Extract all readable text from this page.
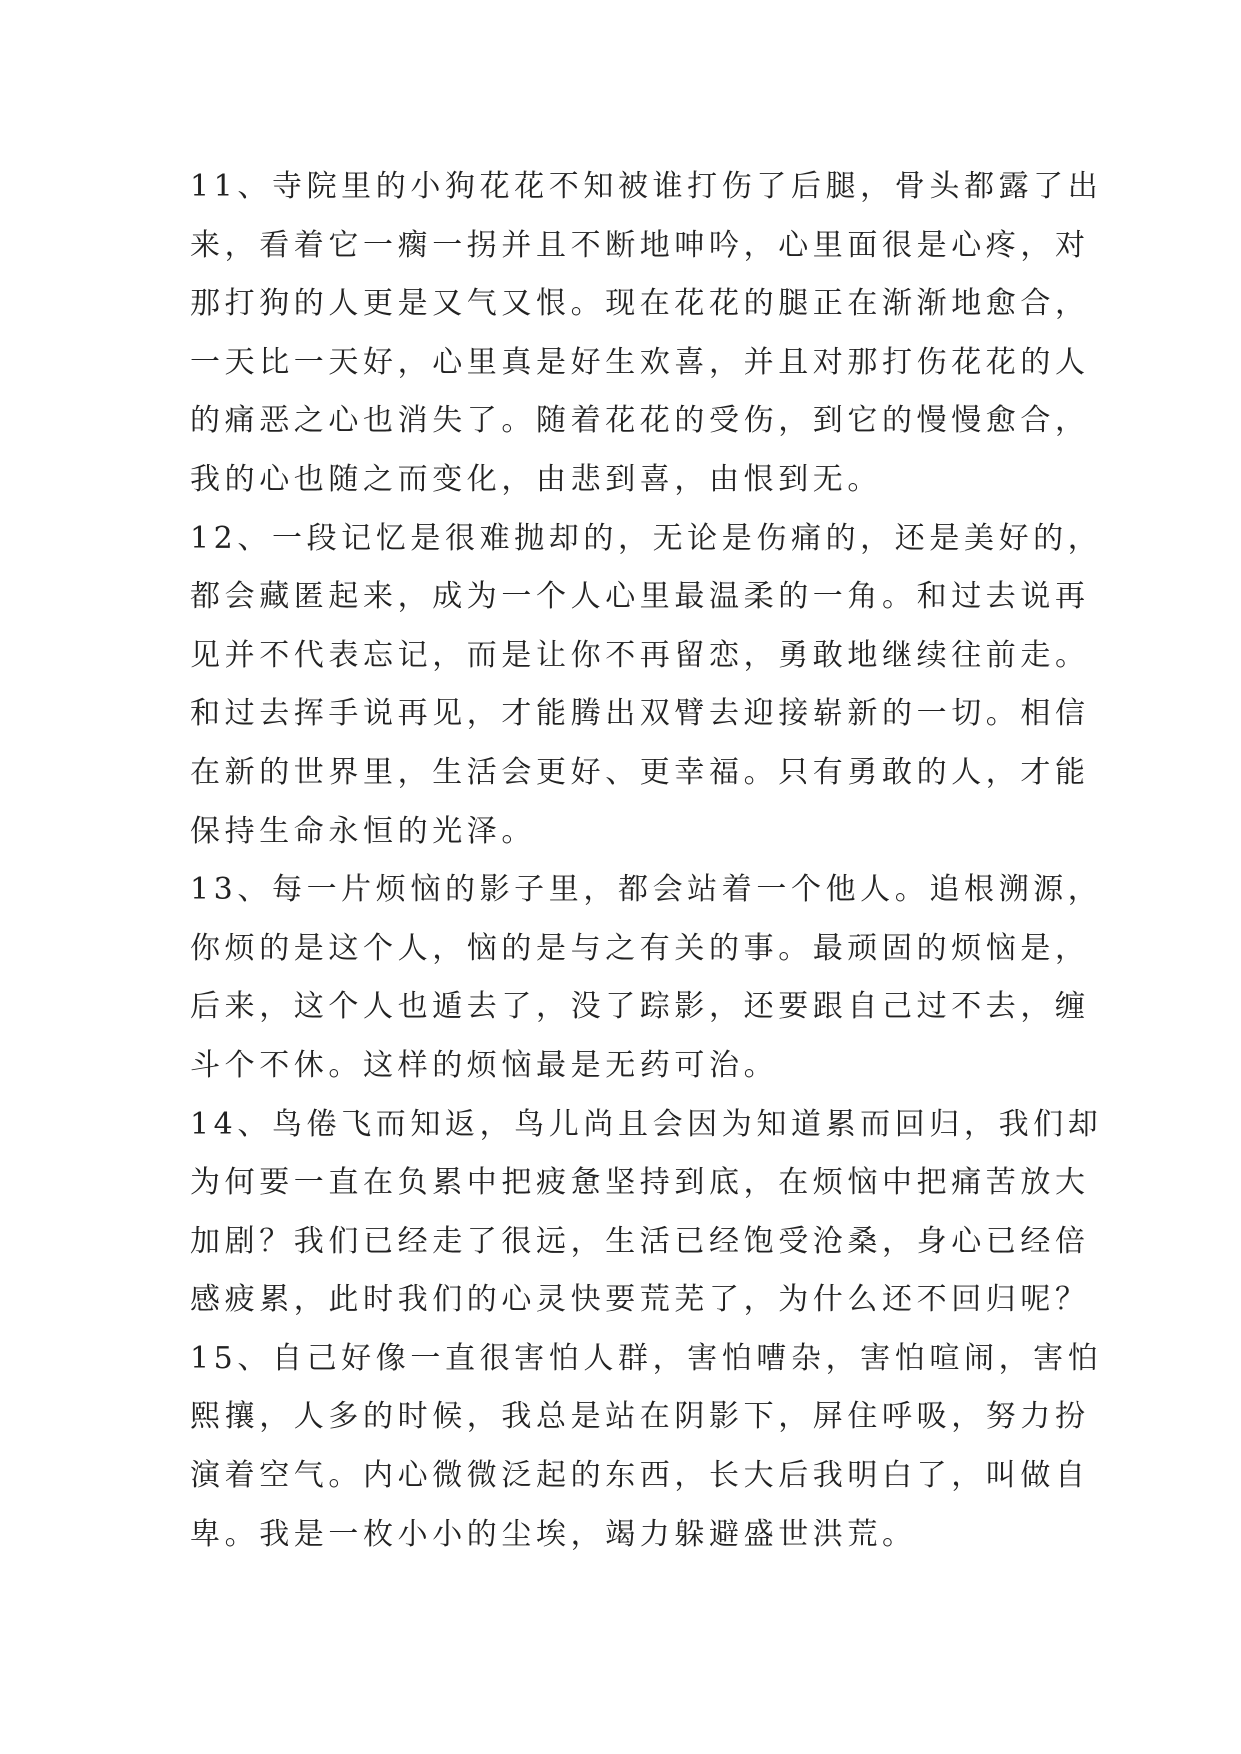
11、寺院里的小狗花花不知被谁打伤了后腿，骨头都露了出
来，看着它一瘸一拐并且不断地呻吟，心里面很是心疼，对
那打狗的人更是又气又恨。现在花花的腿正在渐渐地愈合，
一天比一天好，心里真是好生欢喜，并且对那打伤花花的人
的痛恶之心也消失了。随着花花的受伤，到它的慢慢愈合，
我的心也随之而变化，由悲到喜，由恨到无。
12、一段记忆是很难抛却的，无论是伤痛的，还是美好的，
都会藏匿起来，成为一个人心里最温柔的一角。和过去说再
见并不代表忘记，而是让你不再留恋，勇敢地继续往前走。
和过去挥手说再见，才能腾出双臂去迎接崭新的一切。相信
在新的世界里，生活会更好、更幸福。只有勇敢的人，才能
保持生命永恒的光泽。
13、每一片烦恼的影子里，都会站着一个他人。追根溯源，
你烦的是这个人，恼的是与之有关的事。最顽固的烦恼是，
后来，这个人也遁去了，没了踪影，还要跟自己过不去，缠
斗个不休。这样的烦恼最是无药可治。
14、鸟倦飞而知返，鸟儿尚且会因为知道累而回归，我们却
为何要一直在负累中把疲惫坚持到底，在烦恼中把痛苦放大
加剧？我们已经走了很远，生活已经饱受沧桑，身心已经倍
感疲累，此时我们的心灵快要荒芜了，为什么还不回归呢？
15、自己好像一直很害怕人群，害怕嘈杂，害怕喧闹，害怕
熙攘，人多的时候，我总是站在阴影下，屏住呼吸，努力扮
演着空气。内心微微泛起的东西，长大后我明白了，叫做自
卑。我是一枚小小的尘埃，竭力躲避盛世洪荒。
